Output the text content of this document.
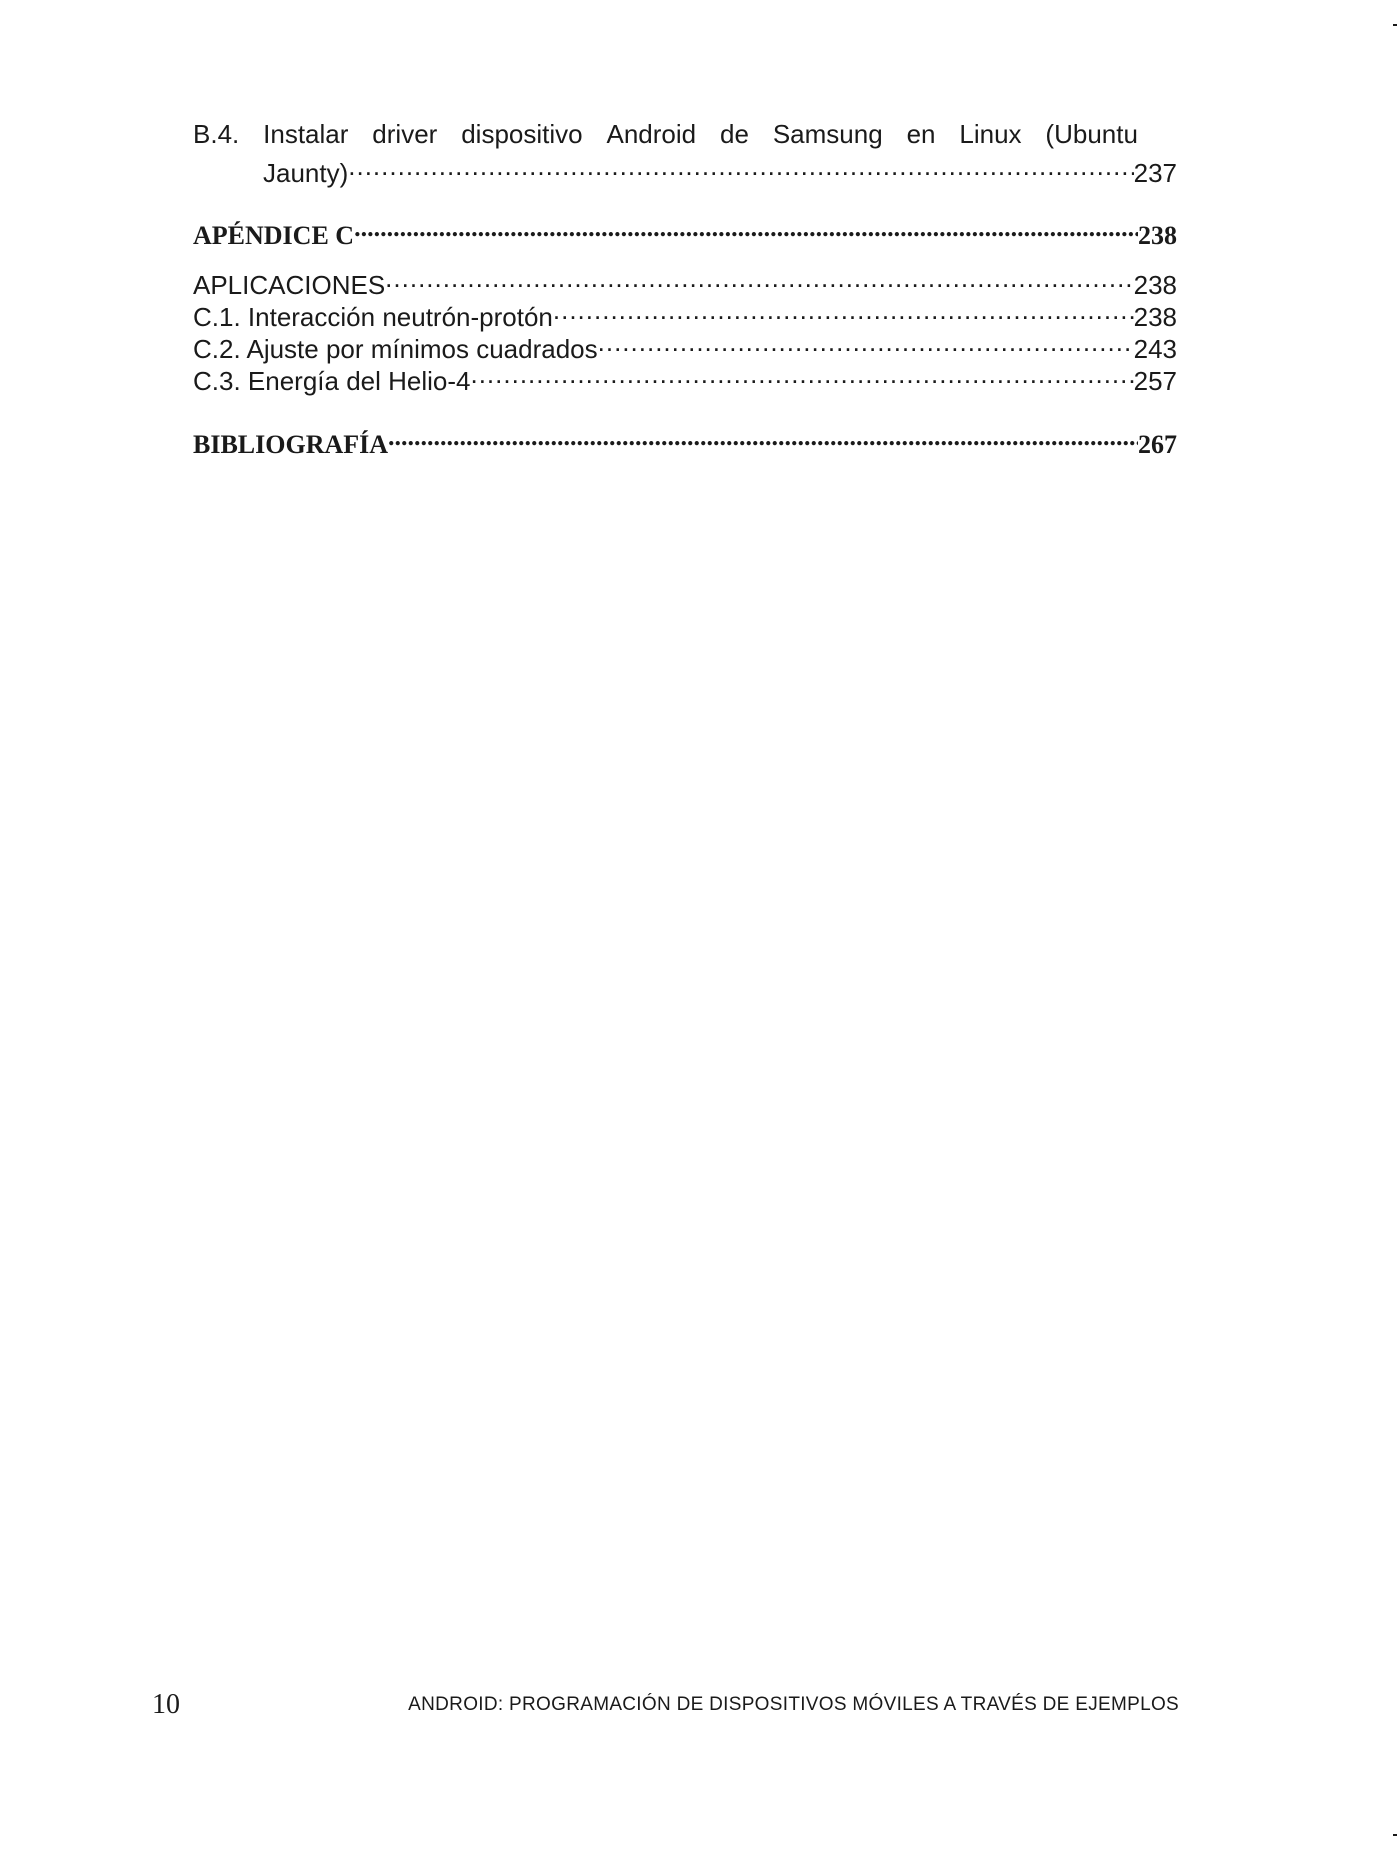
B.4. Instalar driver dispositivo Android de Samsung en Linux (Ubuntu
Jaunty) .....	237
APÉNDICE C .....	238
APLICACIONES .....	238
C.1. Interacción neutrón-protón .....	238
C.2. Ajuste por mínimos cuadrados .....	243
C.3. Energía del Helio-4 .....	257
BIBLIOGRAFÍA .....	267
10	ANDROID: PROGRAMACIÓN DE DISPOSITIVOS MÓVILES A TRAVÉS DE EJEMPLOS
